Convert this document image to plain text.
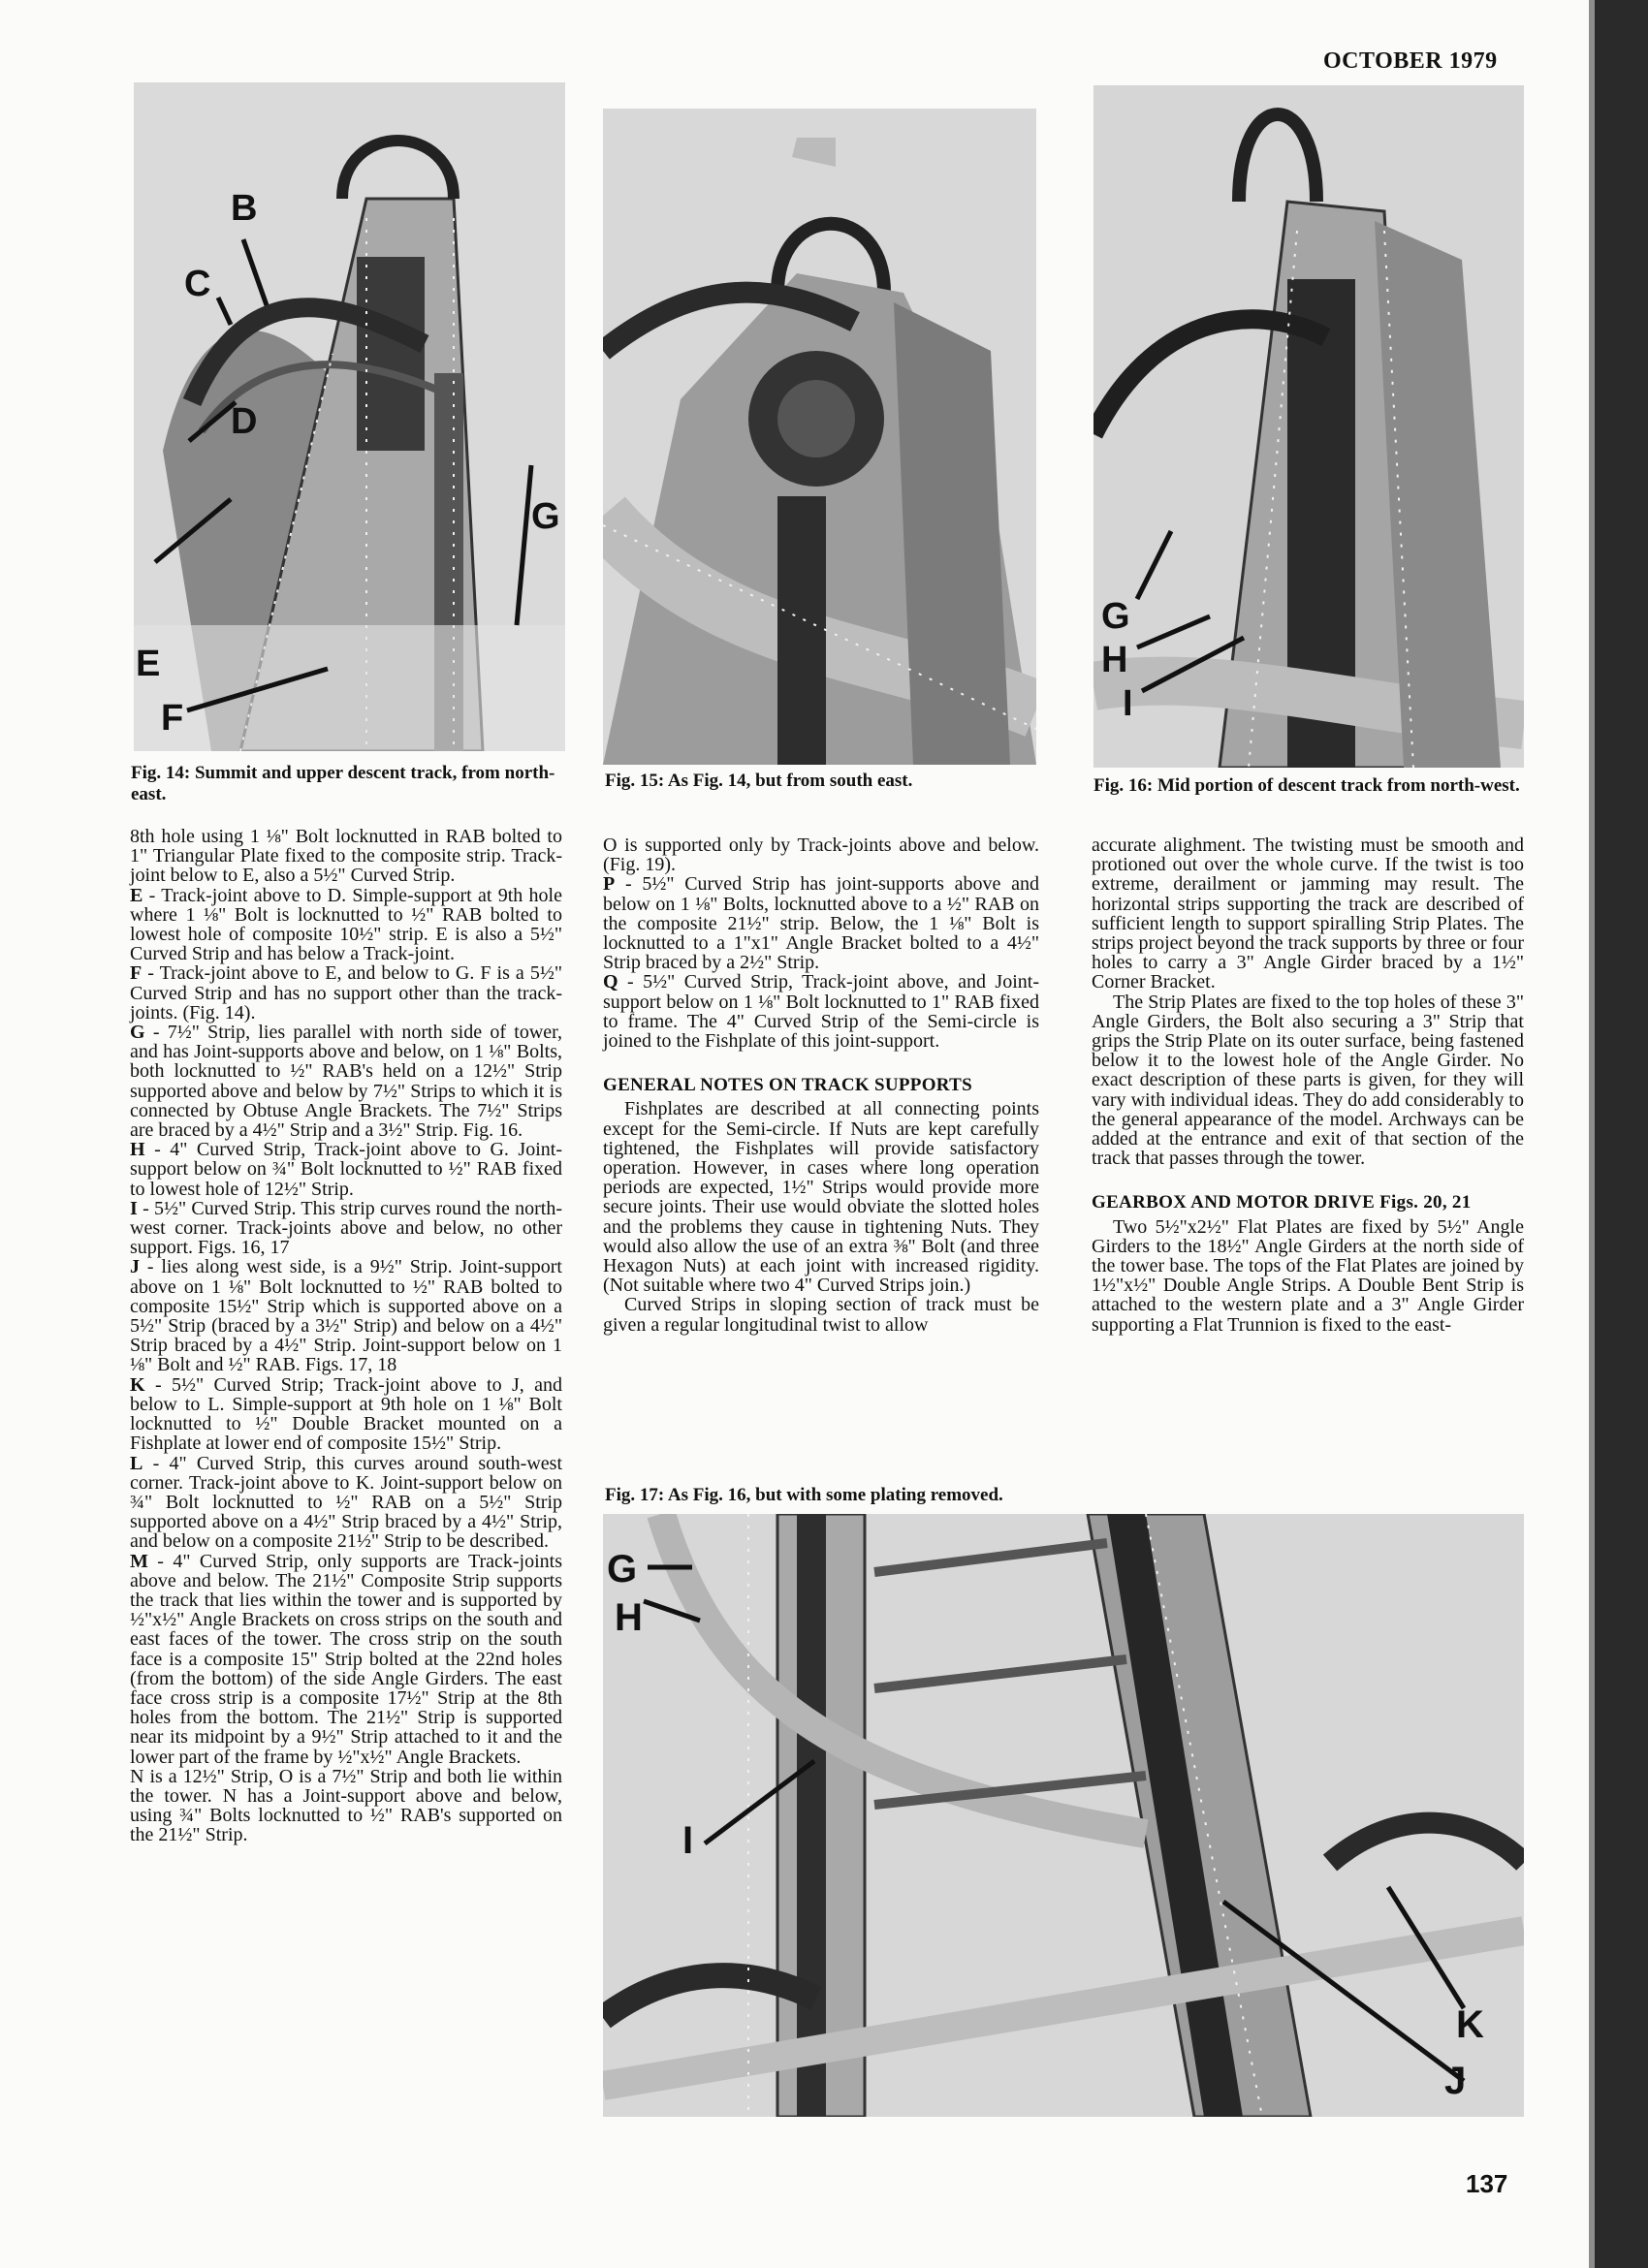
OCTOBER 1979
B
C
D
G
E
F
Fig. 14: Summit and upper descent track, from north-east.
Fig. 15: As Fig. 14, but from south east.
G
H
I
Fig. 16: Mid portion of descent track from north-west.

8th hole using 1 ⅛" Bolt locknutted in RAB bolted to 1" Triangular Plate fixed to the composite strip. Track-joint below to E, also a 5½" Curved Strip.

E - Track-joint above to D. Simple-support at 9th hole where 1 ⅛" Bolt is locknutted to ½" RAB bolted to lowest hole of composite 10½" strip. E is also a 5½" Curved Strip and has below a Track-joint.

F - Track-joint above to E, and below to G. F is a 5½" Curved Strip and has no support other than the track-joints. (Fig. 14).

G - 7½" Strip, lies parallel with north side of tower, and has Joint-supports above and below, on 1 ⅛" Bolts, both locknutted to ½" RAB's held on a 12½" Strip supported above and below by 7½" Strips to which it is connected by Obtuse Angle Brackets. The 7½" Strips are braced by a 4½" Strip and a 3½" Strip. Fig. 16.

H - 4" Curved Strip, Track-joint above to G. Joint-support below on ¾" Bolt locknutted to ½" RAB fixed to lowest hole of 12½" Strip.

I - 5½" Curved Strip. This strip curves round the north-west corner. Track-joints above and below, no other support. Figs. 16, 17

J - lies along west side, is a 9½" Strip. Joint-support above on 1 ⅛" Bolt locknutted to ½" RAB bolted to composite 15½" Strip which is supported above on a 5½" Strip (braced by a 3½" Strip) and below on a 4½" Strip braced by a 4½" Strip. Joint-support below on 1 ⅛" Bolt and ½" RAB. Figs. 17, 18

K - 5½" Curved Strip; Track-joint above to J, and below to L. Simple-support at 9th hole on 1 ⅛" Bolt locknutted to ½" Double Bracket mounted on a Fishplate at lower end of composite 15½" Strip.

L - 4" Curved Strip, this curves around south-west corner. Track-joint above to K. Joint-support below on ¾" Bolt locknutted to ½" RAB on a 5½" Strip supported above on a 4½" Strip braced by a 4½" Strip, and below on a composite 21½" Strip to be described.

M - 4" Curved Strip, only supports are Track-joints above and below. The 21½" Composite Strip supports the track that lies within the tower and is supported by ½"x½" Angle Brackets on cross strips on the south and east faces of the tower. The cross strip on the south face is a composite 15" Strip bolted at the 22nd holes (from the bottom) of the side Angle Girders. The east face cross strip is a composite 17½" Strip at the 8th holes from the bottom. The 21½" Strip is supported near its midpoint by a 9½" Strip attached to it and the lower part of the frame by ½"x½" Angle Brackets.

N is a 12½" Strip, O is a 7½" Strip and both lie within the tower. N has a Joint-support above and below, using ¾" Bolts locknutted to ½" RAB's supported on the 21½" Strip.

O is supported only by Track-joints above and below. (Fig. 19).

P - 5½" Curved Strip has joint-supports above and below on 1 ⅛" Bolts, locknutted above to a ½" RAB on the composite 21½" strip. Below, the 1 ⅛" Bolt is locknutted to a 1"x1" Angle Bracket bolted to a 4½" Strip braced by a 2½" Strip.

Q - 5½" Curved Strip, Track-joint above, and Joint-support below on 1 ⅛" Bolt locknutted to 1" RAB fixed to frame. The 4" Curved Strip of the Semi-circle is joined to the Fishplate of this joint-support.

GENERAL NOTES ON TRACK SUPPORTS

Fishplates are described at all connecting points except for the Semi-circle. If Nuts are kept carefully tightened, the Fishplates will provide satisfactory operation. However, in cases where long operation periods are expected, 1½" Strips would provide more secure joints. Their use would obviate the slotted holes and the problems they cause in tightening Nuts. They would also allow the use of an extra ⅜" Bolt (and three Hexagon Nuts) at each joint with increased rigidity. (Not suitable where two 4" Curved Strips join.)

Curved Strips in sloping section of track must be given a regular longitudinal twist to allow

accurate alighment. The twisting must be smooth and protioned out over the whole curve. If the twist is too extreme, derailment or jamming may result. The horizontal strips supporting the track are described of sufficient length to support spiralling Strip Plates. The strips project beyond the track supports by three or four holes to carry a 3" Angle Girder braced by a 1½" Corner Bracket.

The Strip Plates are fixed to the top holes of these 3" Angle Girders, the Bolt also securing a 3" Strip that grips the Strip Plate on its outer surface, being fastened below it to the lowest hole of the Angle Girder. No exact description of these parts is given, for they will vary with individual ideas. They do add considerably to the general appearance of the model. Archways can be added at the entrance and exit of that section of the track that passes through the tower.

GEARBOX AND MOTOR DRIVE Figs. 20, 21

Two 5½"x2½" Flat Plates are fixed by 5½" Angle Girders to the 18½" Angle Girders at the north side of the tower base. The tops of the Flat Plates are joined by 1½"x½" Double Angle Strips. A Double Bent Strip is attached to the western plate and a 3" Angle Girder supporting a Flat Trunnion is fixed to the east-

Fig. 17: As Fig. 16, but with some plating removed.
G
H
I
K
J
137
